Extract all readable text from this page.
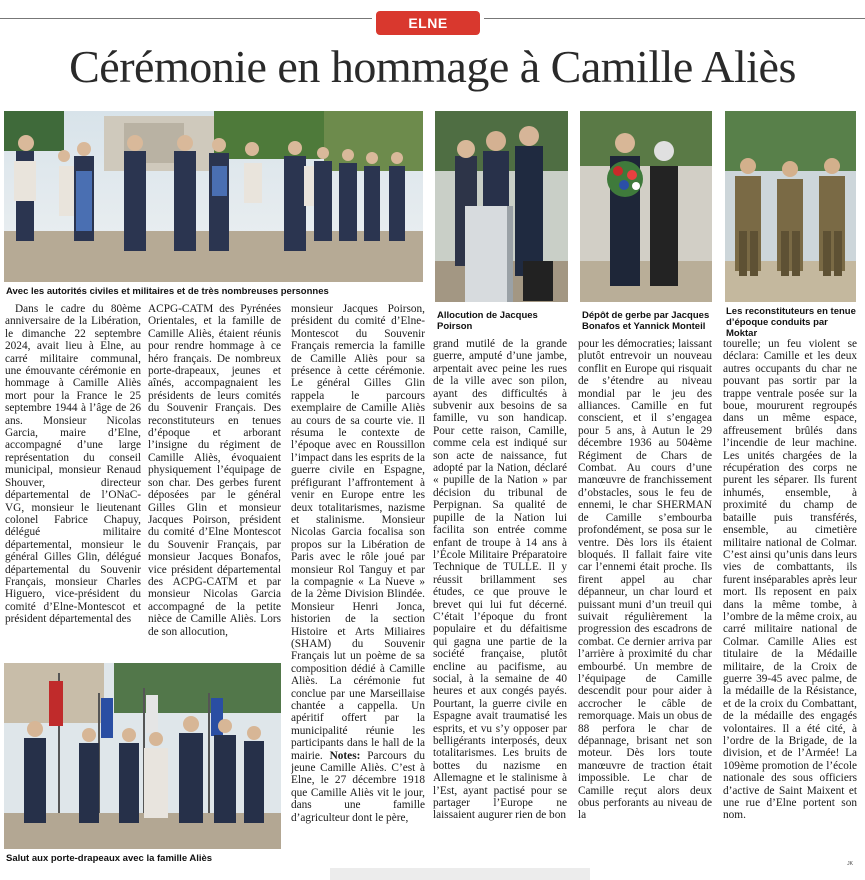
ELNE
Cérémonie en hommage à Camille Aliès
Avec les autorités civiles et militaires et de très nombreuses personnes
Allocution de Jacques Poirson
Dépôt de gerbe par Jacques Bonafos et Yannick Monteil
Les reconstituteurs en tenue d’époque conduits par Moktar
Salut aux porte-drapeaux avec la famille Aliès

Dans le cadre du 80ème anniversaire de la Libération, le dimanche 22 septembre 2024, avait lieu à Elne, au carré militaire communal, une émouvante cérémonie en hommage à Camille Aliès mort pour la France le 25 septembre 1944 à l’âge de 26 ans. Monsieur Nicolas Garcia, maire d’Elne, accompagné d’une large représentation du conseil municipal, monsieur Renaud Shouver, directeur départemental de l’ONaC-VG, monsieur le lieutenant colonel Fabrice Chapuy, délégué militaire départemental, monsieur le général Gilles Glin, délégué départemental du Souvenir Français, monsieur Charles Higuero, vice-président du comité d’Elne-Montescot et président départemental des

ACPG-CATM des Pyrénées Orientales, et la famille de Camille Aliès, étaient réunis pour rendre hommage à ce héro français. De nombreux porte-drapeaux, jeunes et aînés, accompagnaient les présidents de leurs comités du Souvenir Français. Des reconstituteurs en tenues d’époque et arborant l’insigne du régiment de Camille Aliès, évoquaient physiquement l’équipage de son char. Des gerbes furent déposées par le général Gilles Glin et monsieur Jacques Poirson, président du comité d’Elne Montescot du Souvenir Français, par monsieur Jacques Bonafos, vice président départemental des ACPG-CATM et par monsieur Nicolas Garcia accompagné de la petite nièce de Camille Aliès. Lors de son allocution,

monsieur Jacques Poirson, président du comité d’Elne-Montescot du Souvenir Français remercia la famille de Camille Aliès pour sa présence à cette cérémonie. Le général Gilles Glin rappela le parcours exemplaire de Camille Aliès au cours de sa courte vie. Il résuma le contexte de l’époque avec en Roussillon l’impact dans les esprits de la guerre civile en Espagne, préfigurant l’affrontement à venir en Europe entre les deux totalitarismes, nazisme et stalinisme. Monsieur Nicolas Garcia focalisa son propos sur la Libération de Paris avec le rôle joué par monsieur Rol Tanguy et par la compagnie « La Nueve » de la 2ème Division Blindée. Monsieur Henri Jonca, historien de la section Histoire et Arts Miliaires (SHAM) du Souvenir Français lut un poème de sa composition dédié à Camille Aliès. La cérémonie fut conclue par une Marseillaise chantée a cappella. Un apéritif offert par la municipalité réunie les participants dans le hall de la mairie. Notes: Parcours du jeune Camille Aliès. C’est à Elne, le 27 décembre 1918 que Camille Aliès vit le jour, dans une famille d’agriculteur dont le père,

grand mutilé de la grande guerre, amputé d’une jambe, arpentait avec peine les rues de la ville avec son pilon, ayant des difficultés à subvenir aux besoins de sa famille, vu son handicap. Pour cette raison, Camille, comme cela est indiqué sur son acte de naissance, fut adopté par la Nation, déclaré « pupille de la Nation » par décision du tribunal de Perpignan. Sa qualité de pupille de la Nation lui facilita son entrée comme enfant de troupe à 14 ans à l’École Militaire Préparatoire Technique de TULLE. Il y réussit brillamment ses études, ce que prouve le brevet qui lui fut décerné. C’était l’époque du front populaire et du défaitisme qui gagna une partie de la société française, plutôt encline au pacifisme, au social, à la semaine de 40 heures et aux congés payés. Pourtant, la guerre civile en Espagne avait traumatisé les esprits, et vu s’y opposer par belligérants interposés, deux totalitarismes. Les bruits de bottes du nazisme en Allemagne et le stalinisme à l’Est, ayant pactisé pour se partager l’Europe ne laissaient augurer rien de bon

pour les démocraties; laissant plutôt entrevoir un nouveau conflit en Europe qui risquait de s’étendre au niveau mondial par le jeu des alliances. Camille en fut conscient, et il s’engagea pour 5 ans, à Autun le 29 décembre 1936 au 504ème Régiment de Chars de Combat. Au cours d’une manœuvre de franchissement d’obstacles, sous le feu de ennemi, le char SHERMAN de Camille s’embourba profondément, se posa sur le ventre. Dès lors ils étaient bloqués. Il fallait faire vite car l’ennemi était proche. Ils firent appel au char dépanneur, un char lourd et puissant muni d’un treuil qui suivait régulièrement la progression des escadrons de combat. Ce dernier arriva par l’arrière à proximité du char embourbé. Un membre de l’équipage de Camille descendit pour pour aider à accrocher le câble de remorquage. Mais un obus de 88 perfora le char de dépannage, brisant net son moteur. Dès lors toute manœuvre de traction était impossible. Le char de Camille reçut alors deux obus perforants au niveau de la

tourelle; un feu violent se déclara: Camille et les deux autres occupants du char ne pouvant pas sortir par la trappe ventrale posée sur la boue, moururent regroupés dans un même espace, affreusement brûlés dans l’incendie de leur machine. Les unités chargées de la récupération des corps ne purent les séparer. Ils furent inhumés, ensemble, à proximité du champ de bataille puis transférés, ensemble, au cimetière militaire national de Colmar. C’est ainsi qu’unis dans leurs vies de combattants, ils furent inséparables après leur mort. Ils reposent en paix dans la même tombe, à l’ombre de la même croix, au carré militaire national de Colmar. Camille Alies est titulaire de la Médaille militaire, de la Croix de guerre 39-45 avec palme, de la médaille de la Résistance, et de la croix du Combattant, de la médaille des engagés volontaires. Il a été cité, à l’ordre de la Brigade, de la division, et de l’Armée! La 109ème promotion de l’école nationale des sous officiers d’active de Saint Maixent et une rue d’Elne portent son nom.

JK
